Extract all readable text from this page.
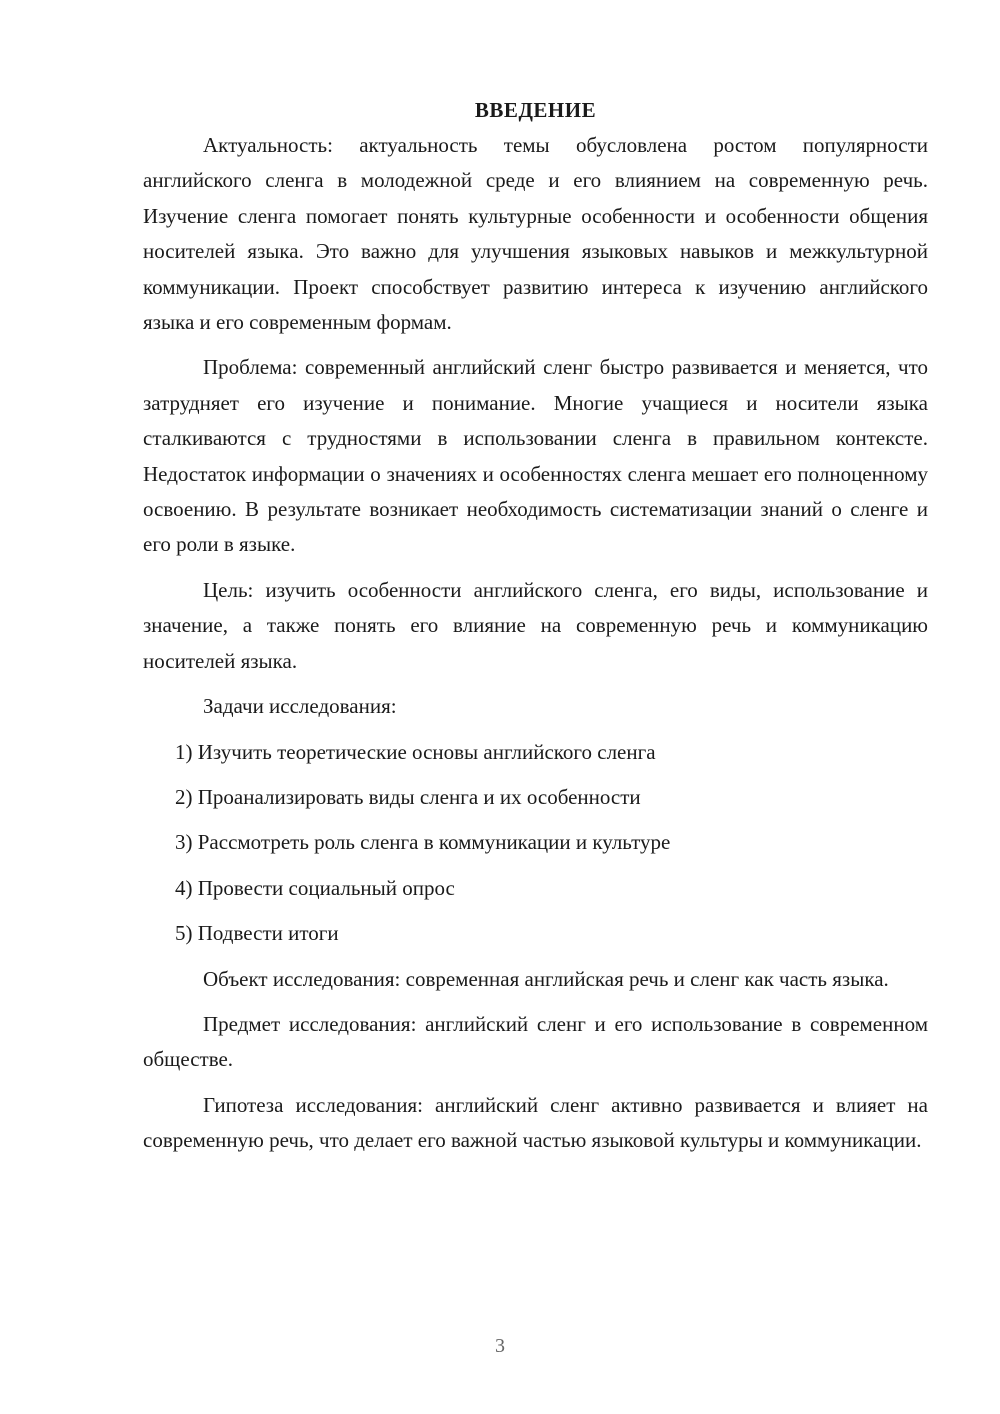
ВВЕДЕНИЕ

Актуальность: актуальность темы обусловлена ростом популярности английского сленга в молодежной среде и его влиянием на современную речь. Изучение сленга помогает понять культурные особенности и особенности общения носителей языка. Это важно для улучшения языковых навыков и межкультурной коммуникации. Проект способствует развитию интереса к изучению английского языка и его современным формам.

Проблема: современный английский сленг быстро развивается и меняется, что затрудняет его изучение и понимание. Многие учащиеся и носители языка сталкиваются с трудностями в использовании сленга в правильном контексте. Недостаток информации о значениях и особенностях сленга мешает его полноценному освоению. В результате возникает необходимость систематизации знаний о сленге и его роли в языке.

Цель: изучить особенности английского сленга, его виды, использование и значение, а также понять его влияние на современную речь и коммуникацию носителей языка.

Задачи исследования:

1) Изучить теоретические основы английского сленга
2) Проанализировать виды сленга и их особенности
3) Рассмотреть роль сленга в коммуникации и культуре
4) Провести социальный опрос
5) Подвести итоги

Объект исследования: современная английская речь и сленг как часть языка.

Предмет исследования: английский сленг и его использование в современном обществе.

Гипотеза исследования: английский сленг активно развивается и влияет на современную речь, что делает его важной частью языковой культуры и коммуникации.

3
